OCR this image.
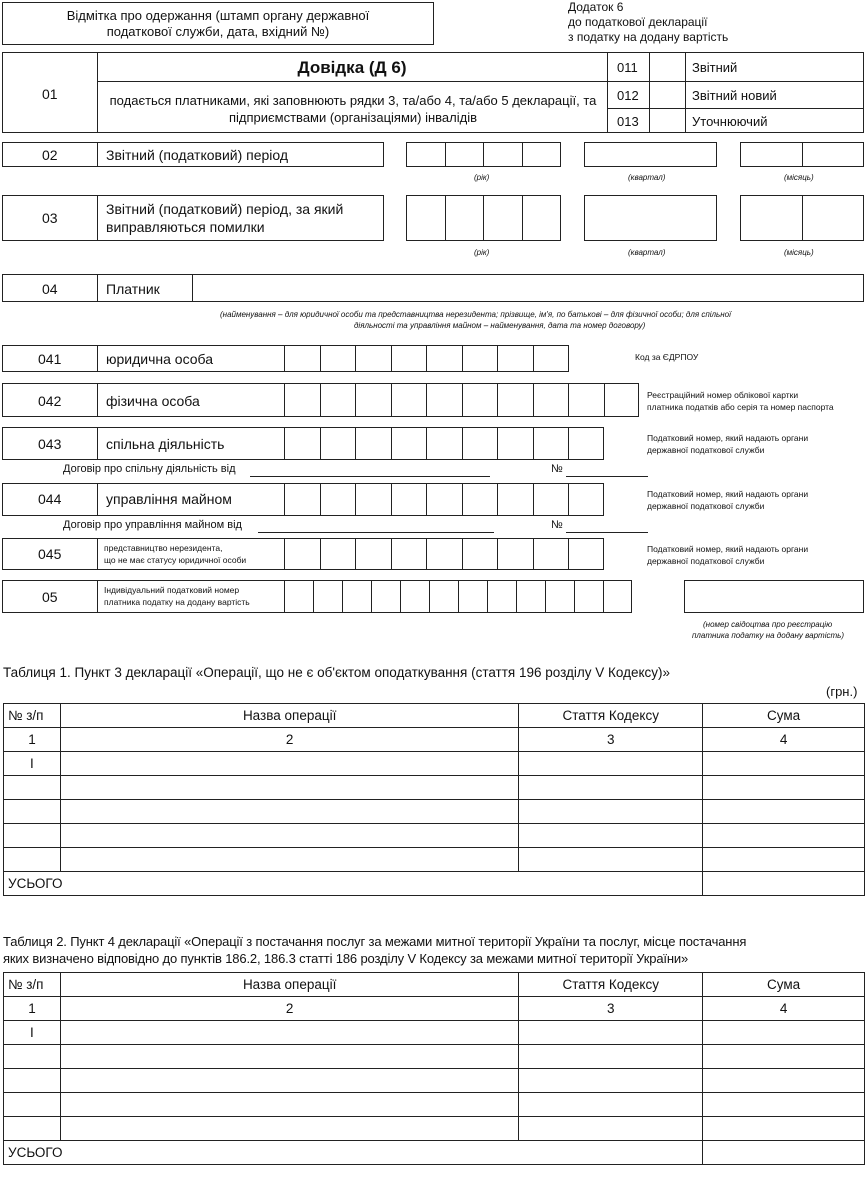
Відмітка про одержання (штамп органу державної податкової служби, дата, вхідний №)
Додаток 6
до податкової декларації
з податку на додану вартість
01
Довідка (Д 6)
подається платниками, які заповнюють рядки 3, та/або 4, та/або 5 декларації, та підприємствами (організаціями) інвалідів
011	Звітний
012	Звітний новий
013	Уточнюючий
02	Звітний (податковий) період
(рік)	(квартал)	(місяць)
03
Звітний (податковий) період, за який
виправляються помилки
(рік)	(квартал)	(місяць)
04	Платник
(найменування – для юридичної особи та представництва нерезидента; прізвище, ім'я, по батькові – для фізичної особи; для спільної
діяльності та управління майном – найменування, дата та номер договору)
041	юридична особа	Код за ЄДРПОУ
042	фізична особа	Реєстраційний номер облікової картки
платника податків або серія та номер паспорта
043	спільна діяльність	Податковий номер, який надають органи
державної податкової служби
Договір про спільну діяльність від	№
044	управління майном	Податковий номер, який надають органи
державної податкової служби
Договір про управління майном від	№
045	представництво нерезидента,
що не має статусу юридичної особи
Податковий номер, який надають органи
державної податкової служби
05	Індивідуальний податковий номер
платника податку на додану вартість
(номер свідоцтва про реєстрацію
платника податку на додану вартість)
Таблиця 1. Пункт 3 декларації «Операції, що не є об'єктом оподаткування (стаття 196 розділу V Кодексу)»
(грн.)
№ з/п	Назва операції	Стаття Кодексу	Сума
1	2	3	4
I			

УСЬОГО			
Таблиця 2. Пункт 4 декларації «Операції з постачання послуг за межами митної території України та послуг, місце постачання
яких визначено відповідно до пунктів 186.2, 186.3 статті 186 розділу V Кодексу за межами митної території України»
№ з/п	Назва операції	Стаття Кодексу	Сума
1	2	3	4
I			

УСЬОГО			
